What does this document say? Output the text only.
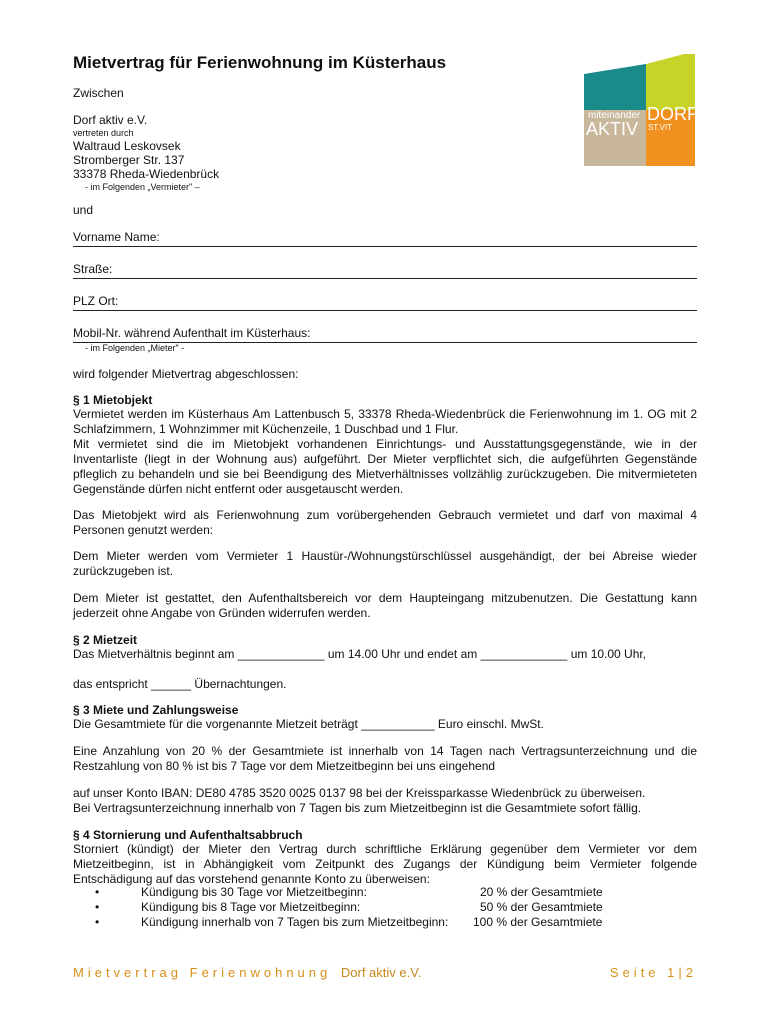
Mietvertrag für Ferienwohnung im Küsterhaus
miteinander
AKTIV
DORF
ST.VIT
Zwischen
Dorf aktiv e.V.
vertreten durch
Waltraud Leskovsek
Stromberger Str. 137
33378 Rheda-Wiedenbrück
- im Folgenden „Vermieter" –
und
Vorname Name:
Straße:
PLZ Ort:
Mobil-Nr. während Aufenthalt im Küsterhaus:
- im Folgenden „Mieter" -
wird folgender Mietvertrag abgeschlossen:
§ 1 Mietobjekt
Vermietet werden im Küsterhaus Am Lattenbusch 5, 33378 Rheda-Wiedenbrück die Ferienwohnung im 1. OG mit 2 Schlafzimmern, 1 Wohnzimmer mit Küchenzeile, 1 Duschbad und 1 Flur.
Mit vermietet sind die im Mietobjekt vorhandenen Einrichtungs- und Ausstattungsgegenstände, wie in der Inventarliste (liegt in der Wohnung aus) aufgeführt. Der Mieter verpflichtet sich, die aufgeführten Gegenstände pfleglich zu behandeln und sie bei Beendigung des Mietverhältnisses vollzählig zurückzugeben. Die mitvermieteten Gegenstände dürfen nicht entfernt oder ausgetauscht werden.
Das Mietobjekt wird als Ferienwohnung zum vorübergehenden Gebrauch vermietet und darf von maximal 4 Personen genutzt werden:
Dem Mieter werden vom Vermieter 1 Haustür-/Wohnungstürschlüssel ausgehändigt, der bei Abreise wieder zurückzugeben ist.
Dem Mieter ist gestattet, den Aufenthaltsbereich vor dem Haupteingang mitzubenutzen. Die Gestattung kann jederzeit ohne Angabe von Gründen widerrufen werden.
§ 2 Mietzeit
Das Mietverhältnis beginnt am _____________ um 14.00 Uhr und endet am _____________ um 10.00 Uhr,
das entspricht ______ Übernachtungen.
§ 3 Miete und Zahlungsweise
Die Gesamtmiete für die vorgenannte Mietzeit beträgt ___________ Euro einschl. MwSt.
Eine Anzahlung von 20 % der Gesamtmiete ist innerhalb von 14 Tagen nach Vertragsunterzeichnung und die Restzahlung von 80 % ist bis 7 Tage vor dem Mietzeitbeginn bei uns eingehend
auf unser Konto IBAN: DE80 4785 3520 0025 0137 98 bei der Kreissparkasse Wiedenbrück zu überweisen.
Bei Vertragsunterzeichnung innerhalb von 7 Tagen bis zum Mietzeitbeginn ist die Gesamtmiete sofort fällig.
§ 4 Stornierung und Aufenthaltsabbruch
Storniert (kündigt) der Mieter den Vertrag durch schriftliche Erklärung gegenüber dem Vermieter vor dem Mietzeitbeginn, ist in Abhängigkeit vom Zeitpunkt des Zugangs der Kündigung beim Vermieter folgende Entschädigung auf das vorstehend genannte Konto zu überweisen:
•	Kündigung bis 30 Tage vor Mietzeitbeginn:	20 % der Gesamtmiete
•	Kündigung bis 8 Tage vor Mietzeitbeginn:	50 % der Gesamtmiete
•	Kündigung innerhalb von 7 Tagen bis zum Mietzeitbeginn: 100 % der Gesamtmiete
Mietvertrag Ferienwohnung Dorf aktiv e.V.	Seite 1|2
